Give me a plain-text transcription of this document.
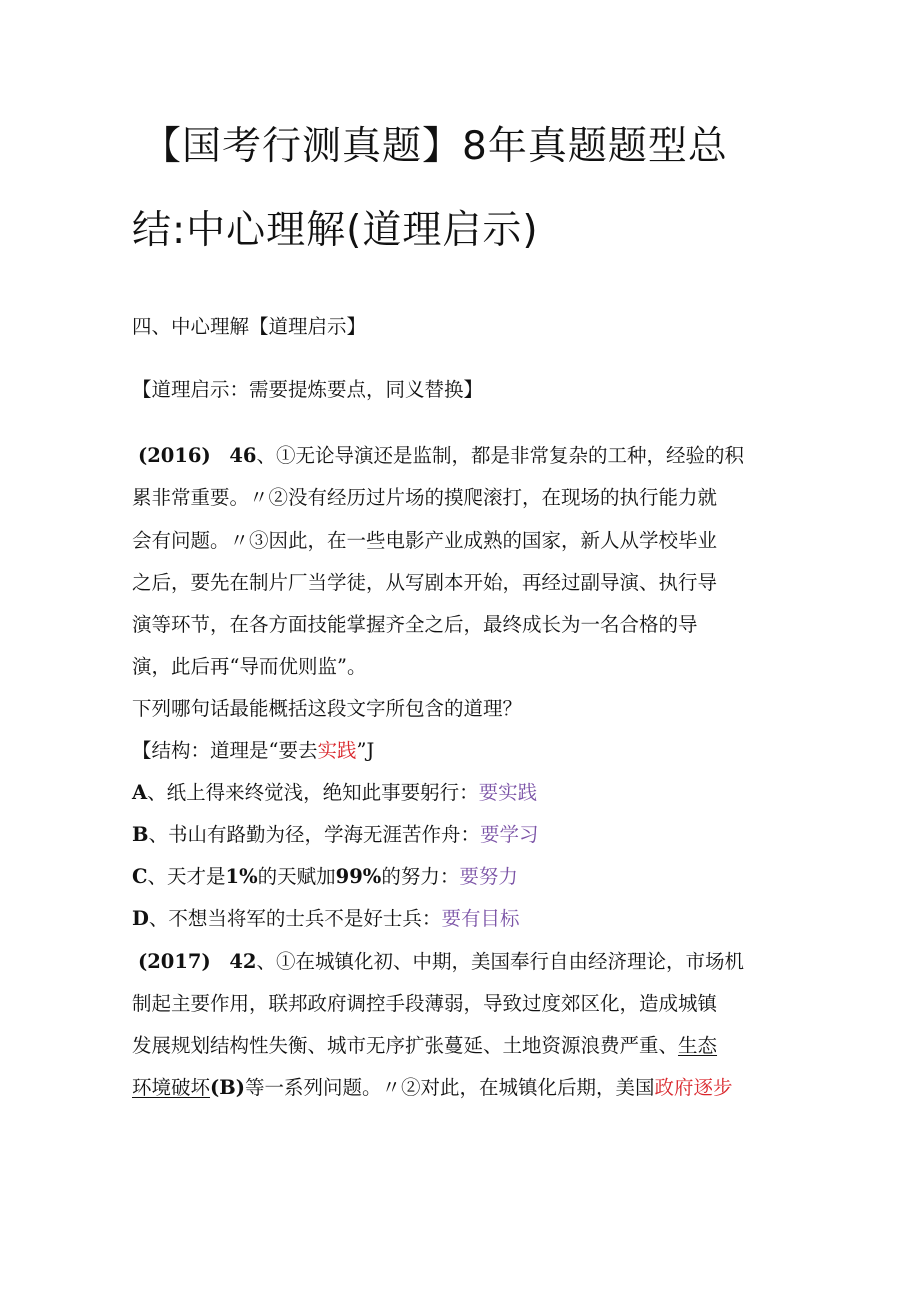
【国考行测真题】8年真题题型总
结:中心理解(道理启示)
四、中心理解【道理启示】
【道理启示：需要提炼要点，同义替换】
(2016) 46、①无论导演还是监制，都是非常复杂的工种，经验的积
累非常重要。〃②没有经历过片场的摸爬滚打，在现场的执行能力就
会有问题。〃③因此，在一些电影产业成熟的国家，新人从学校毕业
之后，要先在制片厂当学徒，从写剧本开始，再经过副导演、执行导
演等环节，在各方面技能掌握齐全之后，最终成长为一名合格的导
演，此后再“导而优则监”。
下列哪句话最能概括这段文字所包含的道理？
【结构：道理是“要去实践”J
A、纸上得来终觉浅，绝知此事要躬行：要实践
B、书山有路勤为径，学海无涯苦作舟：要学习
C、天才是1%的天赋加99%的努力：要努力
D、不想当将军的士兵不是好士兵：要有目标
(2017) 42、①在城镇化初、中期，美国奉行自由经济理论，市场机
制起主要作用，联邦政府调控手段薄弱，导致过度郊区化，造成城镇
发展规划结构性失衡、城市无序扩张蔓延、土地资源浪费严重、生态
环境破坏(B)等一系列问题。〃②对此，在城镇化后期，美国政府逐步
